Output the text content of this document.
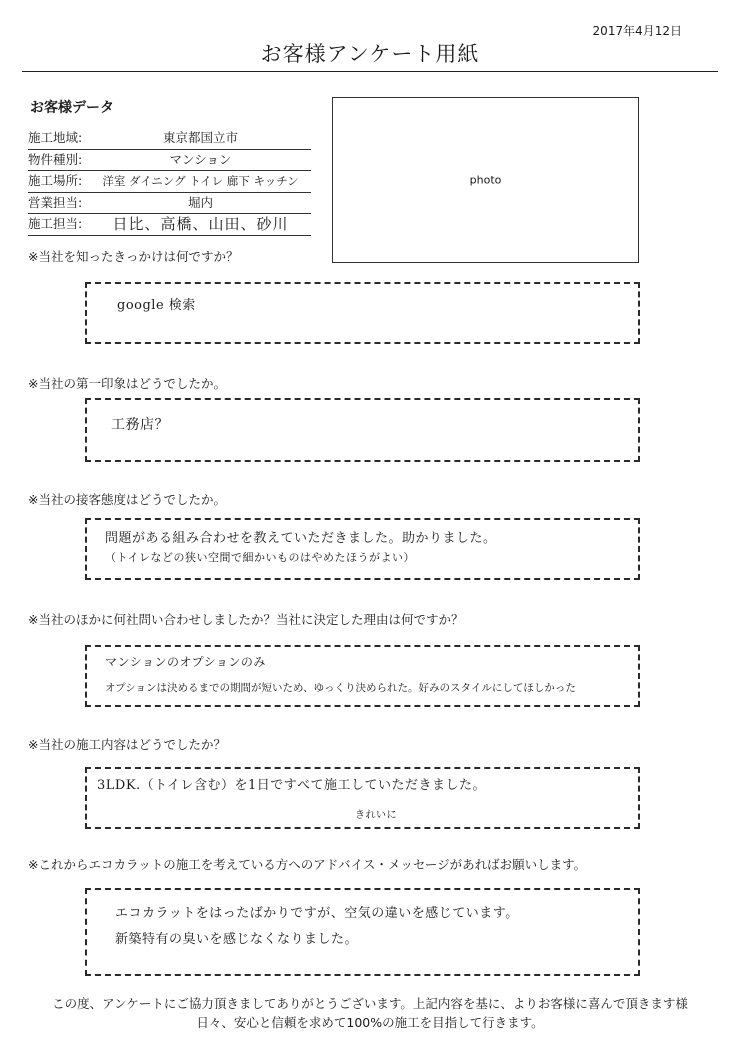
2017年4月12日
お客様アンケート用紙
お客様データ
施工地域:	東京都国立市
物件種別:	マンション
施工場所:	洋室 ダイニング トイレ 廊下 キッチン
営業担当:	堀内
施工担当:	日比、高橋、山田、砂川
photo
※当社を知ったきっかけは何ですか？
google 検索
※当社の第一印象はどうでしたか。
工務店？
※当社の接客態度はどうでしたか。
問題がある組み合わせを教えていただきました。助かりました。
（トイレなどの狭い空間で細かいものはやめたほうがよい）
※当社のほかに何社問い合わせしましたか？当社に決定した理由は何ですか？
マンションのオプションのみ
オプションは決めるまでの期間が短いため、ゆっくり決められた。好みのスタイルにしてほしかった
※当社の施工内容はどうでしたか？
3LDK.（トイレ含む）を1日ですべて施工していただきました。
きれいに
※これからエコカラットの施工を考えている方へのアドバイス・メッセージがあればお願いします。
エコカラットをはったばかりですが、空気の違いを感じています。
新築特有の臭いを感じなくなりました。
この度、アンケートにご協力頂きましてありがとうございます。上記内容を基に、よりお客様に喜んで頂きます様
日々、安心と信頼を求めて100%の施工を目指して行きます。
